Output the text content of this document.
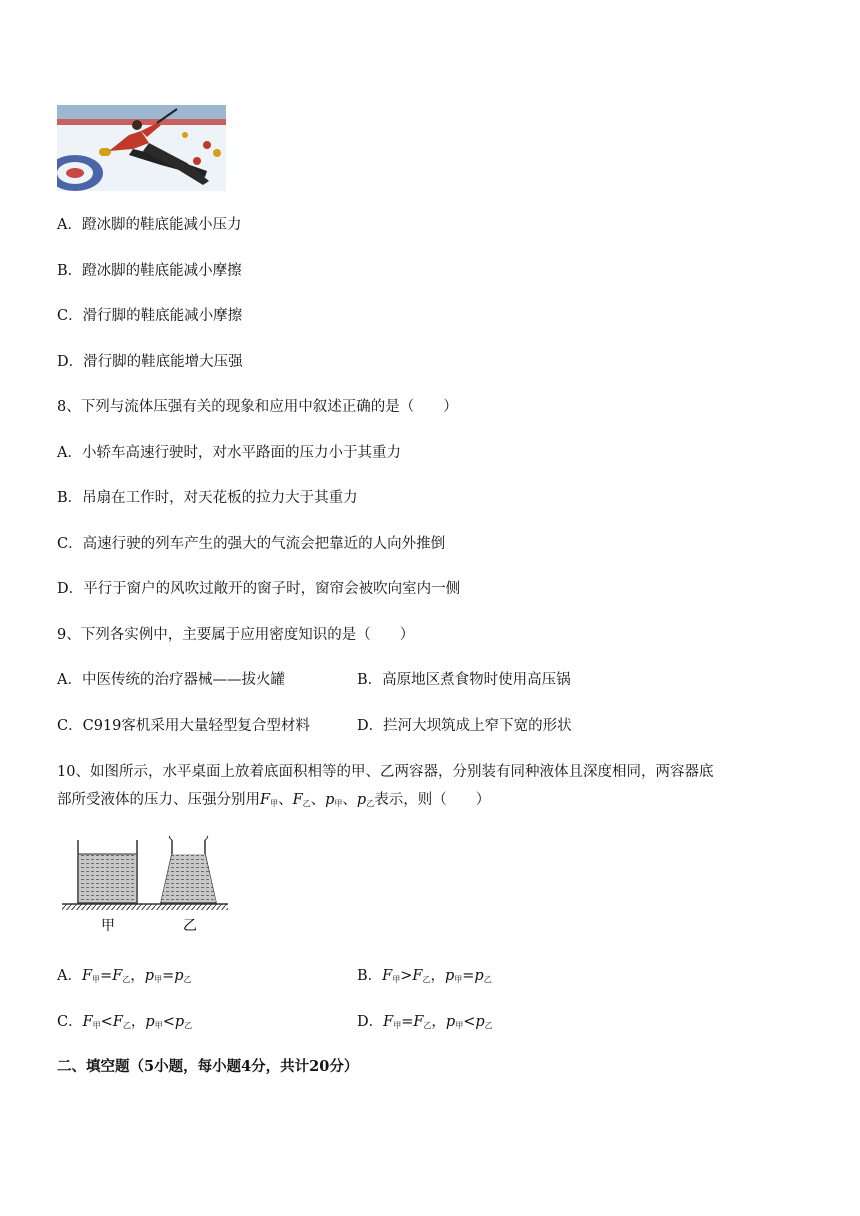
A．蹬冰脚的鞋底能减小压力
B．蹬冰脚的鞋底能减小摩擦
C．滑行脚的鞋底能减小摩擦
D．滑行脚的鞋底能增大压强
8、下列与流体压强有关的现象和应用中叙述正确的是（　　）
A．小轿车高速行驶时，对水平路面的压力小于其重力
B．吊扇在工作时，对天花板的拉力大于其重力
C．高速行驶的列车产生的强大的气流会把靠近的人向外推倒
D．平行于窗户的风吹过敞开的窗子时，窗帘会被吹向室内一侧
9、下列各实例中，主要属于应用密度知识的是（　　）
A．中医传统的治疗器械——拔火罐	B．高原地区煮食物时使用高压锅
C．C919客机采用大量轻型复合型材料	D．拦河大坝筑成上窄下宽的形状
10、如图所示，水平桌面上放着底面积相等的甲、乙两容器，分别装有同种液体且深度相同，两容器底
部所受液体的压力、压强分别用$F_甲$、$F_乙$、$p_甲$、$p_乙$表示，则（　　）
甲	乙
A．$F_甲=F_乙$，$p_甲=p_乙$	B．$F_甲>F_乙$，$p_甲=p_乙$
C．$F_甲<F_乙$，$p_甲<p_乙$	D．$F_甲=F_乙$，$p_甲<p_乙$
二、填空题（5小题，每小题4分，共计20分）
